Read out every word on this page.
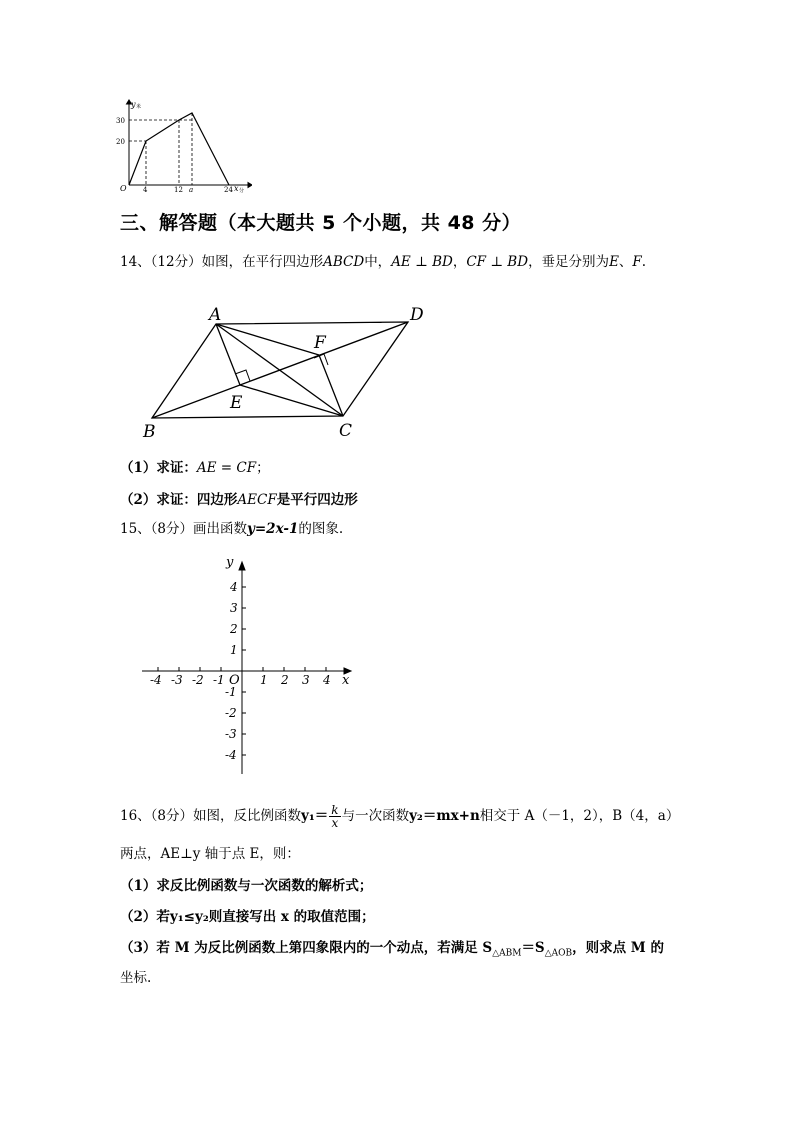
y 米
x 分
O
30
20
4	12 a	24
三、解答题（本大题共 5 个小题，共 48 分）
14、（12分）如图，在平行四边形ABCD中，AE ⊥ BD，CF ⊥ BD，垂足分别为E、F.
A	D
B	C
E
F
（1）求证：AE = CF；
（2）求证：四边形AECF是平行四边形
15、（8分）画出函数y=2x-1的图象.
-4 -3 -2 -1	1 2 3 4
4
3
2
1
-1
-2
-3
-4
x
y
O
16、（8分）如图，反比例函数$y_1= \frac{k}{x}$ 与一次函数y₂＝mx+n相交于 A（－1，2），B（4，a）
两点，AE⊥y 轴于点 E，则：
（1）求反比例函数与一次函数的解析式；
（2）若y₁≤y₂则直接写出 x 的取值范围；
（3）若 M 为反比例函数上第四象限内的一个动点，若满足 $S_{\triangle ABM}=S_{\triangle AOB}$，则求点 M 的
坐标.
